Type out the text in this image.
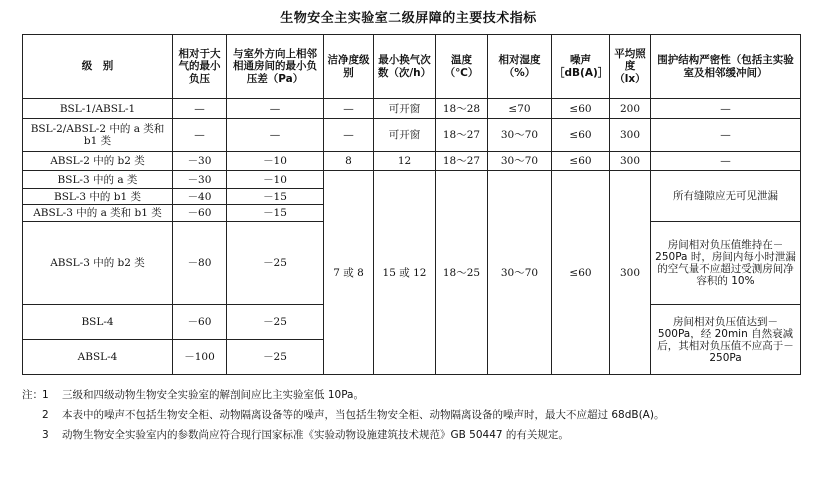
生物安全主实验室二级屏障的主要技术指标
级　别	相对于大气的最小负压	与室外方向上相邻相通房间的最小负压差（Pa）	洁净度级别	最小换气次数（次/h）	温度（℃）	相对湿度（%）	噪声［dB(A)］	平均照度（lx）	围护结构严密性（包括主实验室及相邻缓冲间）
BSL-1/ABSL-1	—	—	—	可开窗	18～28	≤70	≤60	200	—
BSL-2/ABSL-2 中的 a 类和 b1 类	—	—	—	可开窗	18～27	30～70	≤60	300	—
ABSL-2 中的 b2 类	－30	－10	8	12	18～27	30～70	≤60	300	—
BSL-3 中的 a 类	－30	－10	7 或 8	15 或 12	18～25	30～70	≤60	300	所有缝隙应无可见泄漏
BSL-3 中的 b1 类	－40	－15							
ABSL-3 中的 a 类和 b1 类	－60	－15							
ABSL-3 中的 b2 类	－80	－25							房间相对负压值维持在－250Pa 时，房间内每小时泄漏的空气量不应超过受测房间净容积的 10%
BSL-4	－60	－25							房间相对负压值达到－500Pa，经 20min 自然衰减后，其相对负压值不应高于－250Pa
ABSL-4	－100	－25							
注： 1 三级和四级动物生物安全实验室的解剖间应比主实验室低 10Pa。
2 本表中的噪声不包括生物安全柜、动物隔离设备等的噪声，当包括生物安全柜、动物隔离设备的噪声时，最大不应超过 68dB(A)。
3 动物生物安全实验室内的参数尚应符合现行国家标准《实验动物设施建筑技术规范》GB 50447 的有关规定。
